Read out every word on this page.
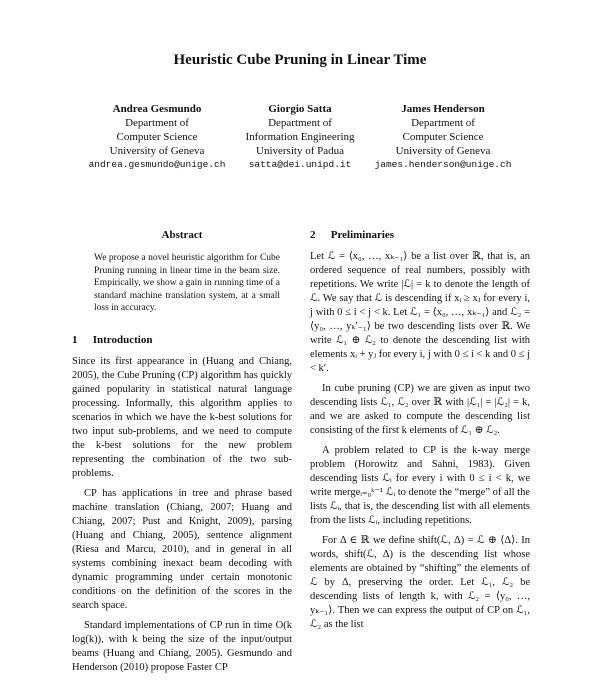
Heuristic Cube Pruning in Linear Time
Andrea Gesmundo
Department of
Computer Science
University of Geneva
andrea.gesmundo@unige.ch
Giorgio Satta
Department of
Information Engineering
University of Padua
satta@dei.unipd.it
James Henderson
Department of
Computer Science
University of Geneva
james.henderson@unige.ch
Abstract
We propose a novel heuristic algorithm for Cube Pruning running in linear time in the beam size. Empirically, we show a gain in running time of a standard machine translation system, at a small loss in accuracy.
1 Introduction

Since its first appearance in (Huang and Chiang, 2005), the Cube Pruning (CP) algorithm has quickly gained popularity in statistical natural language processing. Informally, this algorithm applies to scenarios in which we have the k-best solutions for two input sub-problems, and we need to compute the k-best solutions for the new problem representing the combination of the two sub-problems.

CP has applications in tree and phrase based machine translation (Chiang, 2007; Huang and Chiang, 2007; Pust and Knight, 2009), parsing (Huang and Chiang, 2005), sentence alignment (Riesa and Marcu, 2010), and in general in all systems combining inexact beam decoding with dynamic programming under certain monotonic conditions on the definition of the scores in the search space.

Standard implementations of CP run in time O(k log(k)), with k being the size of the input/output beams (Huang and Chiang, 2005). Gesmundo and Henderson (2010) propose Faster CP

2 Preliminaries

Let ℒ = ⟨x₀, …, xₖ₋₁⟩ be a list over ℝ, that is, an ordered sequence of real numbers, possibly with repetitions. We write |ℒ| = k to denote the length of ℒ. We say that ℒ is descending if xᵢ ≥ xⱼ for every i, j with 0 ≤ i < j < k. Let ℒ₁ = ⟨x₀, …, xₖ₋₁⟩ and ℒ₂ = ⟨y₀, …, yₖ′₋₁⟩ be two descending lists over ℝ. We write ℒ₁ ⊕ ℒ₂ to denote the descending list with elements xᵢ + yⱼ for every i, j with 0 ≤ i < k and 0 ≤ j < k′.

In cube pruning (CP) we are given as input two descending lists ℒ₁, ℒ₂ over ℝ with |ℒ₁| = |ℒ₂| = k, and we are asked to compute the descending list consisting of the first k elements of ℒ₁ ⊕ ℒ₂.

A problem related to CP is the k-way merge problem (Horowitz and Sahni, 1983). Given descending lists ℒᵢ for every i with 0 ≤ i < k, we write mergeᵢ₌₀ᵏ⁻¹ ℒᵢ to denote the “merge” of all the lists ℒᵢ, that is, the descending list with all elements from the lists ℒᵢ, including repetitions.

For Δ ∈ ℝ we define shift(ℒ, Δ) = ℒ ⊕ ⟨Δ⟩. In words, shift(ℒ, Δ) is the descending list whose elements are obtained by “shifting” the elements of ℒ by Δ, preserving the order. Let ℒ₁, ℒ₂ be descending lists of length k, with ℒ₂ = ⟨y₀, …, yₖ₋₁⟩. Then we can express the output of CP on ℒ₁, ℒ₂ as the list
